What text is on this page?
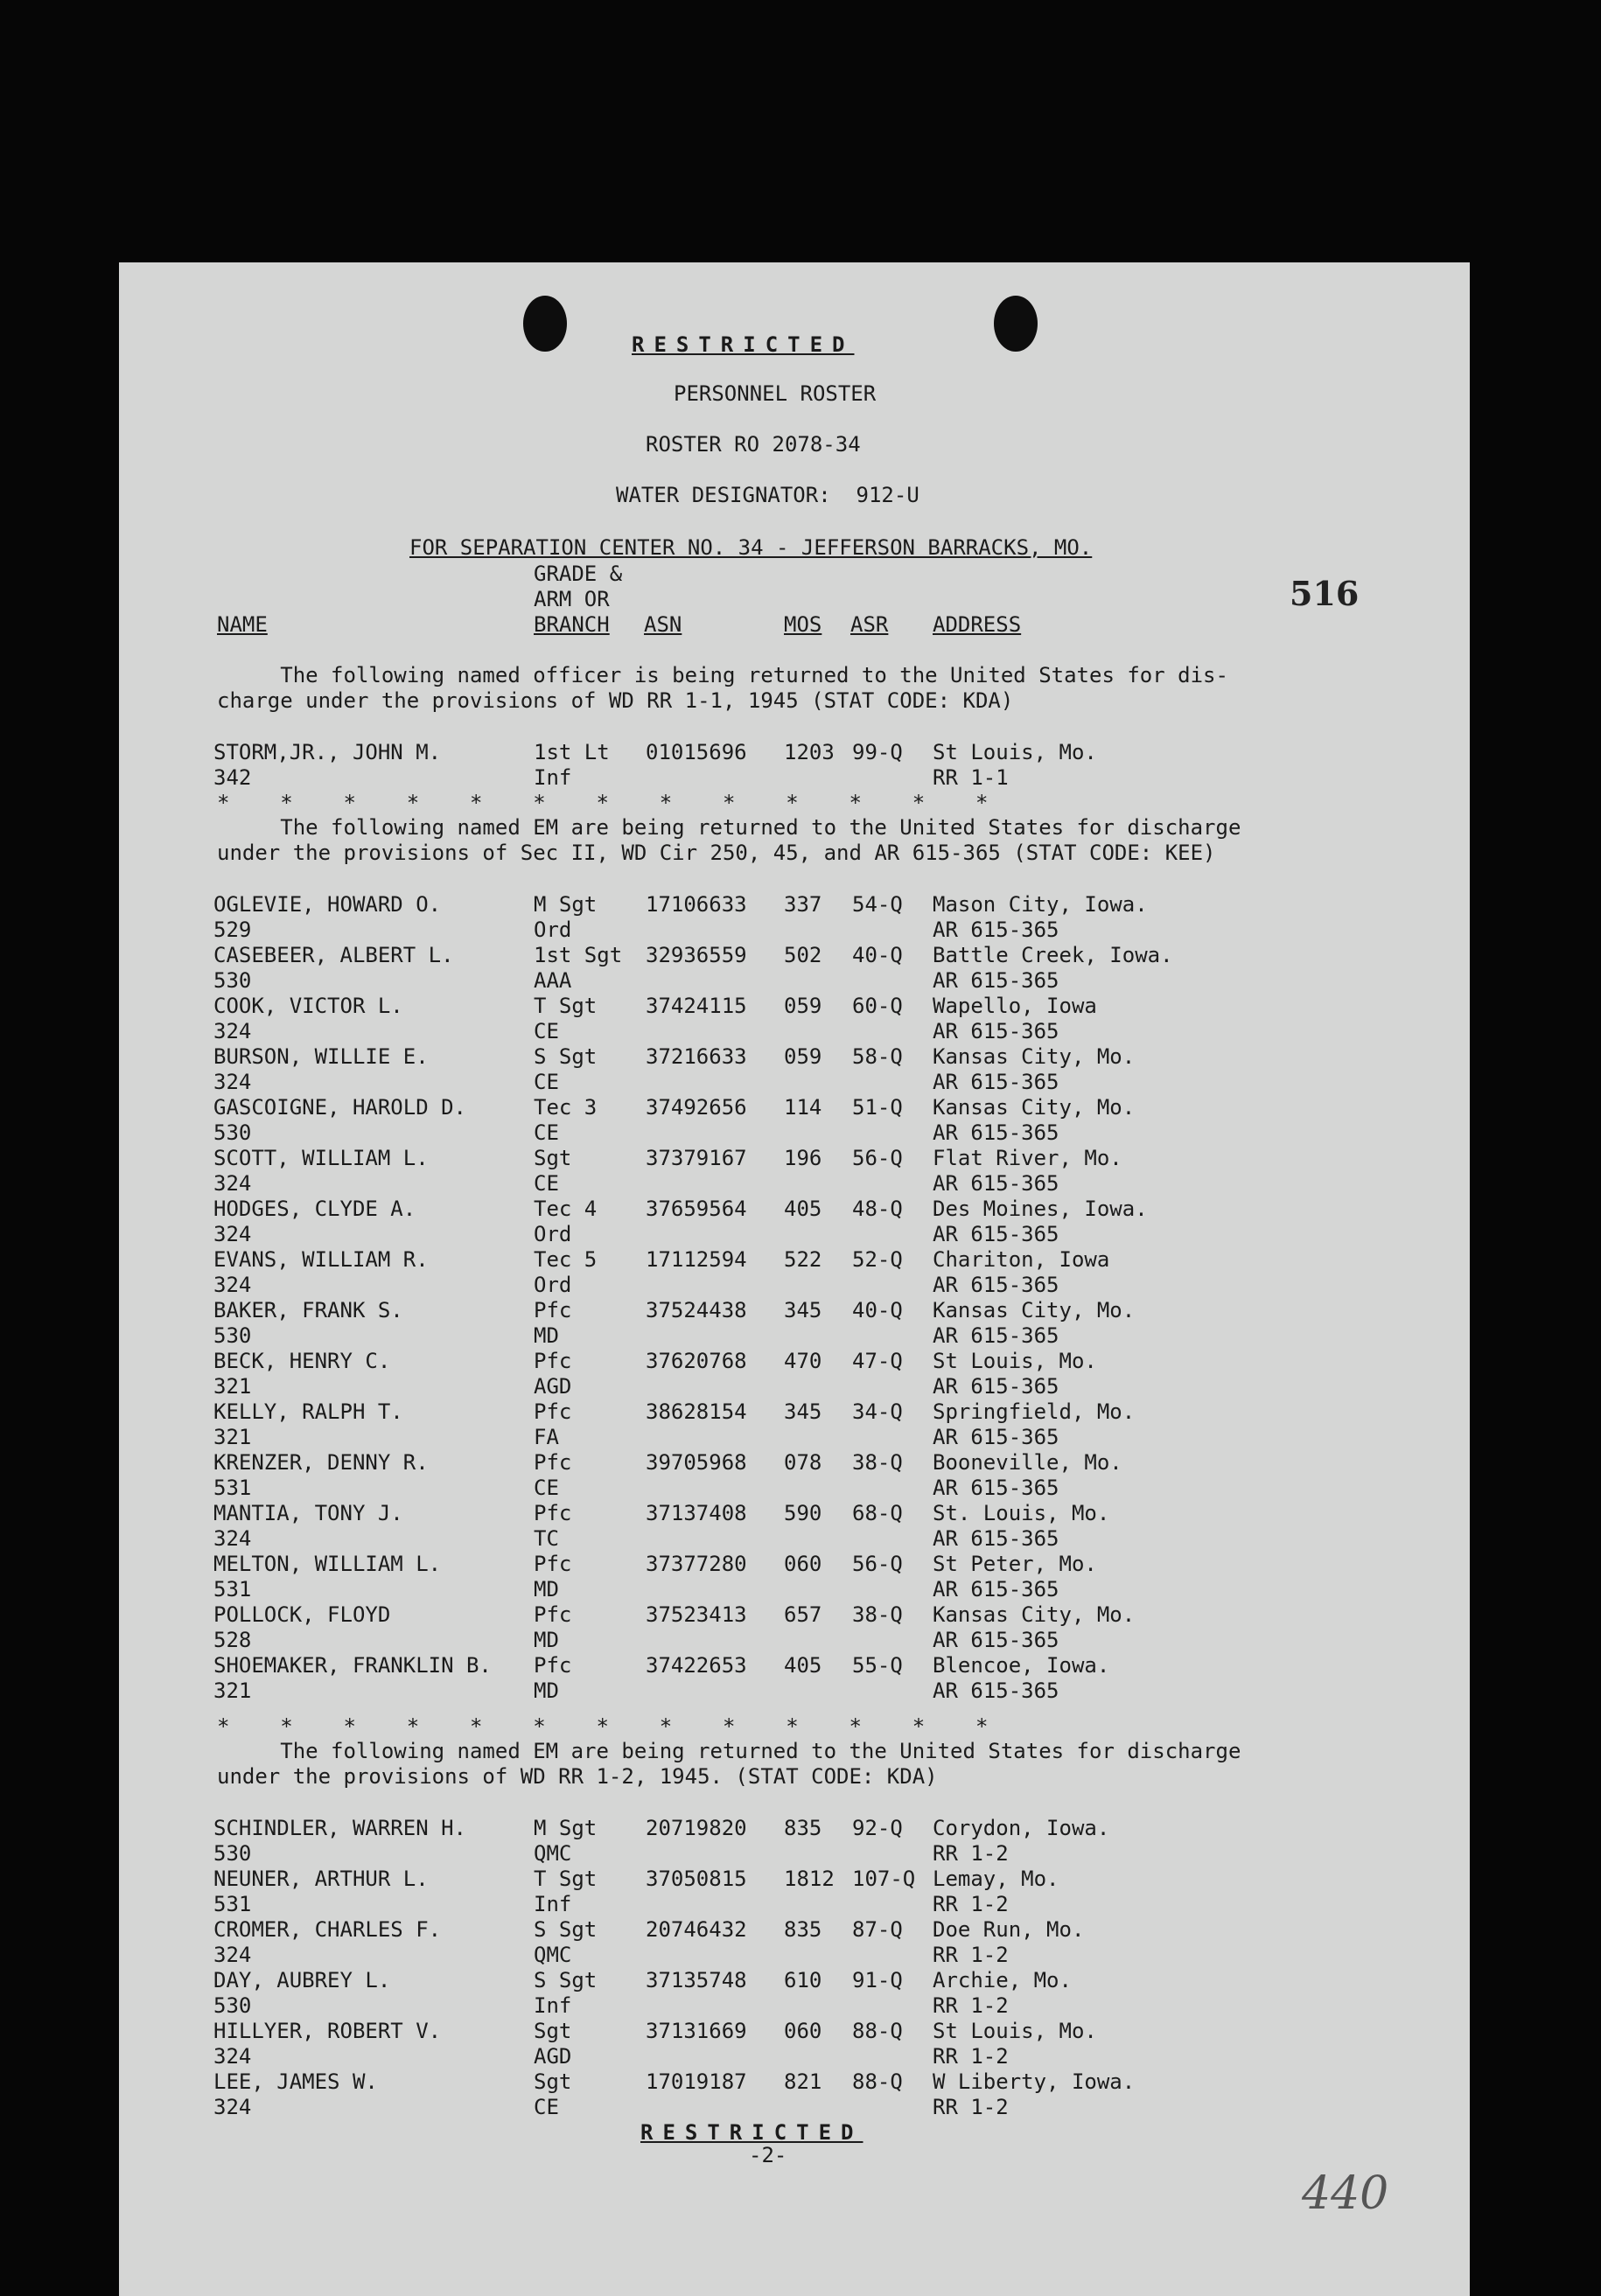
RESTRICTED
PERSONNEL ROSTER
ROSTER RO 2078-34
WATER DESIGNATOR:  912-U
FOR SEPARATION CENTER NO. 34 - JEFFERSON BARRACKS, MO.
516
NAME
GRADE &
ARM OR
BRANCH ASN	MOS ASR ADDRESS
The following named officer is being returned to the United States for dis-
charge under the provisions of WD RR 1-1, 1945 (STAT CODE: KDA)
STORM,JR., JOHN M.
342
1st Lt
Inf
01015696 1203 99-Q St Louis, Mo.
RR 1-1
*    *    *    *    *    *    *    *    *    *    *    *    *
The following named EM are being returned to the United States for discharge
under the provisions of Sec II, WD Cir 250, 45, and AR 615-365 (STAT CODE: KEE)
OGLEVIE, HOWARD O.
529
M Sgt
Ord
17106633 337 54-Q Mason City, Iowa.
AR 615-365
CASEBEER, ALBERT L.
530
1st Sgt
AAA
32936559 502 40-Q Battle Creek, Iowa.
AR 615-365
COOK, VICTOR L.
324
T Sgt
CE
37424115 059 60-Q Wapello, Iowa
AR 615-365
BURSON, WILLIE E.
324
S Sgt
CE
37216633 059 58-Q Kansas City, Mo.
AR 615-365
GASCOIGNE, HAROLD D.
530
Tec 3
CE
37492656 114 51-Q Kansas City, Mo.
AR 615-365
SCOTT, WILLIAM L.
324
Sgt
CE
37379167 196 56-Q Flat River, Mo.
AR 615-365
HODGES, CLYDE A.
324
Tec 4
Ord
37659564 405 48-Q Des Moines, Iowa.
AR 615-365
EVANS, WILLIAM R.
324
Tec 5
Ord
17112594 522 52-Q Chariton, Iowa
AR 615-365
BAKER, FRANK S.
530
Pfc
MD
37524438 345 40-Q Kansas City, Mo.
AR 615-365
BECK, HENRY C.
321
Pfc
AGD
37620768 470 47-Q St Louis, Mo.
AR 615-365
KELLY, RALPH T.
321
Pfc
FA
38628154 345 34-Q Springfield, Mo.
AR 615-365
KRENZER, DENNY R.
531
Pfc
CE
39705968 078 38-Q Booneville, Mo.
AR 615-365
MANTIA, TONY J.
324
Pfc
TC
37137408 590 68-Q St. Louis, Mo.
AR 615-365
MELTON, WILLIAM L.
531
Pfc
MD
37377280 060 56-Q St Peter, Mo.
AR 615-365
POLLOCK, FLOYD
528
Pfc
MD
37523413 657 38-Q Kansas City, Mo.
AR 615-365
SHOEMAKER, FRANKLIN B.
321
Pfc
MD
37422653 405 55-Q Blencoe, Iowa.
AR 615-365
*    *    *    *    *    *    *    *    *    *    *    *    *
The following named EM are being returned to the United States for discharge
under the provisions of WD RR 1-2, 1945. (STAT CODE: KDA)
SCHINDLER, WARREN H.
530
M Sgt
QMC
20719820 835 92-Q Corydon, Iowa.
RR 1-2
NEUNER, ARTHUR L.
531
T Sgt
Inf
37050815 1812 107-Q Lemay, Mo.
RR 1-2
CROMER, CHARLES F.
324
S Sgt
QMC
20746432 835 87-Q Doe Run, Mo.
RR 1-2
DAY, AUBREY L.
530
S Sgt
Inf
37135748 610 91-Q Archie, Mo.
RR 1-2
HILLYER, ROBERT V.
324
Sgt
AGD
37131669 060 88-Q St Louis, Mo.
RR 1-2
LEE, JAMES W.
324
Sgt
CE
17019187 821 88-Q W Liberty, Iowa.
RR 1-2
RESTRICTED
-2-
440
